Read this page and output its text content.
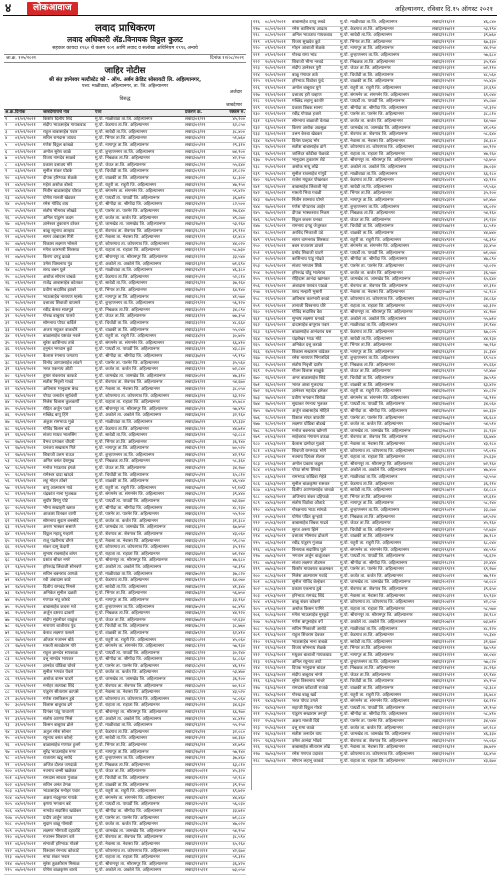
४	लोकआवाज	अहिल्यानगर, रविवार दि.१५ ऑगस्ट २०२१
लवाद प्राधिकरण
लवाद अधिकारी ॲड.विनायक विठ्ठल कुलट
सहकार कायदा १९६० चे कलम १०१ आणि लवाद व सलोखा अधिनियम १९९६ अन्वये
जा.क्र. १२५/२०२१	दिनांक १२/०८/२०२१
जाहिर नोटीस
श्री संत ज्ञानेश्वर मल्टीस्टेट को - ऑप. अर्बन क्रेडिट सोसायटी लि. अहिल्यानगर,
पत्ता: माळीवाडा, अहिल्यानगर, ता. जि. अहिल्यानगर
अर्जदार
विरुद्ध
जाबदेणार
अ.क्र. दिनांक	जाबदेणाराचे नाव	पत्ता	प्रकरण क्र.	रक्कम रु.
१	०१/०१/२०२१	किशोर दिलीप शिंदे	मु.पो. माळीवाडा ता.जि. अहिल्यानगर	लवाद/०१/२१	४५,२००
२	०१/०१/२०२१	संदीप भाऊसाहेब गायकवाड	मु.पो. केडगाव ता.जि. अहिल्यानगर	लवाद/०२/२१	६२,८५०
३	०१/०१/२०२१	राहुल बाबासाहेब पवार	मु.पो. सावेडी ता.जि. अहिल्यानगर	लवाद/०३/२१	३८,४००
४	०१/०१/२०२१	सचिन रामदास जाधव	मु.पो. भिंगार ता.जि. अहिल्यानगर	लवाद/०४/२१	५१,७६०
५	०२/०१/२०२१	गणेश विठ्ठल कांबळे	मु.पो. नागापूर ता.जि. अहिल्यानगर	लवाद/०५/२१	२९,३१०
६	०२/०१/२०२१	अमोल सुरेश काळे	मु.पो. बुऱ्हाणनगर ता.जि. अहिल्यानगर	लवाद/०६/२१	७४,९००
७	०२/०१/२०२१	विजय नामदेव साळवे	मु.पो. निंबळक ता.जि. अहिल्यानगर	लवाद/०७/२१	४२,१५०
८	०३/०१/२०२१	प्रकाश दत्तात्रय मोरे	मु.पो. जेऊर ता.जि. अहिल्यानगर	लवाद/०८/२१	५५,६४०
९	०३/०१/२०२१	सुनील शंकर घोडके	मु.पो. चिचोंडी ता.जि. अहिल्यानगर	लवाद/०९/२१	३१,८२०
१०	०३/०१/२०२१	दीपक हरिभाऊ शेळके	मु.पो. वाळकी ता.जि. अहिल्यानगर	लवाद/१०/२१	६८,३००
११	०४/०१/२०२१	महेश अशोक बोरुडे	मु.पो. राहुरी ता. राहुरी जि. अहिल्यानगर	लवाद/११/२१	४७,९५०
१२	०४/०१/२०२१	नितीन बाळासाहेब थोरात	मु.पो. संगमनेर ता. संगमनेर जि. अहिल्यानगर	लवाद/१२/२१	५९,४२०
१३	०४/०१/२०२१	योगेश मारुती खेडकर	मु.पो. पाथर्डी ता. पाथर्डी जि. अहिल्यानगर	लवाद/१३/२१	३६,७१०
१४	०५/०१/२०२१	रमेश गोविंद वाघ	मु.पो. श्रीगोंदा ता. श्रीगोंदा जि. अहिल्यानगर	लवाद/१४/२१	८२,५००
१५	०५/०१/२०२१	संतोष भीमराव लोखंडे	मु.पो. पारनेर ता. पारनेर जि. अहिल्यानगर	लवाद/१५/२१	२७,६४०
१६	०५/०१/२०२१	अनिल पांडुरंग कदम	मु.पो. कर्जत ता. कर्जत जि. अहिल्यानगर	लवाद/१६/२१	४९,८७०
१७	०६/०१/२०२१	ज्ञानेश्वर तुकाराम दरेकर	मु.पो. जामखेड ता. जामखेड जि. अहिल्यानगर	लवाद/१७/२१	५३,२६०
१८	०६/०१/२०२१	बाळू रघुनाथ आव्हाड	मु.पो. शेवगाव ता. शेवगाव जि. अहिल्यानगर	लवाद/१८/२१	३९,९१०
१९	०६/०१/२०२१	सागर अंबादास गिरी	मु.पो. नेवासा ता. नेवासा जि. अहिल्यानगर	लवाद/१९/२१	६१,४८०
२०	०७/०१/२०२१	विकास लक्ष्मण भोसले	मु.पो. कोपरगाव ता. कोपरगाव जि. अहिल्यानगर	लवाद/२०/२१	४४,०२०
२१	०७/०१/२०२१	मंगेश कारभारी शिरसाठ	मु.पो. राहाता ता. राहाता जि. अहिल्यानगर	लवाद/२१/२१	५८,७३०
२२	०७/०१/२०२१	किरण दगडू ढवळे	मु.पो. श्रीरामपूर ता. श्रीरामपूर जि. अहिल्यानगर	लवाद/२२/२१	३३,५४०
२३	०८/०१/२०२१	उमेश विश्वनाथ गुंड	मु.पो. अकोले ता. अकोले जि. अहिल्यानगर	लवाद/२३/२१	७१,६९०
२४	०८/०१/२०२१	शरद बबन घुले	मु.पो. माळीवाडा ता.जि. अहिल्यानगर	लवाद/२४/२१	४६,३८०
२५	०८/०१/२०२१	अशोक सोपान वाबळे	मु.पो. केडगाव ता.जि. अहिल्यानगर	लवाद/२५/२१	५२,८१०
२६	०९/०१/२०२१	राजेंद्र आबासाहेब कोतकर	मु.पो. सावेडी ता.जि. अहिल्यानगर	लवाद/२६/२१	३७,२६०
२७	०९/०१/२०२१	प्रवीण सदाशिव झावरे	मु.पो. भिंगार ता.जि. अहिल्यानगर	लवाद/२७/२१	६४,९४०
२८	०९/०१/२०२१	भाऊसाहेब नारायण म्हस्के	मु.पो. नागापूर ता.जि. अहिल्यानगर	लवाद/२८/२१	४१,५७०
२९	१०/०१/२०२१	दत्तात्रय शिवाजी वाघमारे	मु.पो. बुऱ्हाणनगर ता.जि. अहिल्यानगर	लवाद/२९/२१	५६,१२०
३०	१०/०१/२०२१	रवींद्र केशव सातपुते	मु.पो. निंबळक ता.जि. अहिल्यानगर	लवाद/३०/२१	३४,८९०
३१	१०/०१/२०२१	गोरख बाबुराव पालवे	मु.पो. जेऊर ता.जि. अहिल्यानगर	लवाद/३१/२१	७७,३५०
३२	११/०१/२०२१	सोमनाथ पोपट कर्डिले	मु.पो. चिचोंडी ता.जि. अहिल्यानगर	लवाद/३२/२१	४८,६६०
३३	११/०१/२०२१	अजय मधुकर वाकचौरे	मु.पो. वाळकी ता.जि. अहिल्यानगर	लवाद/३३/२१	५५,०४०
३४	११/०१/२०२१	बाळासाहेब यशवंत नवले	मु.पो. राहुरी ता. राहुरी जि. अहिल्यानगर	लवाद/३४/२१	३०,७२०
३५	१२/०१/२०२१	सुरेश काशिनाथ तांबे	मु.पो. संगमनेर ता. संगमनेर जि. अहिल्यानगर	लवाद/३५/२१	६६,४१०
३६	१२/०१/२०२१	हनुमंत भगवान कुटे	मु.पो. पाथर्डी ता. पाथर्डी जि. अहिल्यानगर	लवाद/३६/२१	४३,८३०
३७	१२/०१/२०२१	कैलास रंगनाथ जगताप	मु.पो. श्रीगोंदा ता. श्रीगोंदा जि. अहिल्यानगर	लवाद/३७/२१	५९,१९०
३८	१३/०१/२०२१	विनोद आप्पासाहेब लांडगे	मु.पो. पारनेर ता. पारनेर जि. अहिल्यानगर	लवाद/३८/२१	३५,५६०
३९	१३/०१/२०२१	भरत एकनाथ औटी	मु.पो. कर्जत ता. कर्जत जि. अहिल्यानगर	लवाद/३९/२१	७२,८४०
४०	१३/०१/२०२१	तुषार शंकरराव काकडे	मु.पो. जामखेड ता. जामखेड जि. अहिल्यानगर	लवाद/४०/२१	४७,३१०
४१	१४/०१/२०२१	सतीश निवृत्ती गावडे	मु.पो. शेवगाव ता. शेवगाव जि. अहिल्यानगर	लवाद/४१/२१	५४,६७०
४२	१४/०१/२०२१	अविनाश भानुदास बेरड	मु.पो. नेवासा ता. नेवासा जि. अहिल्यानगर	लवाद/४२/२१	३८,०५०
४३	१४/०१/२०२१	पोपट जनार्दन सूर्यवंशी	मु.पो. कोपरगाव ता. कोपरगाव जि. अहिल्यानगर	लवाद/४३/२१	६३,२२०
४४	१५/०१/२०२१	निलेश विलास कुलकर्णी	मु.पो. राहाता ता. राहाता जि. अहिल्यानगर	लवाद/४४/२१	४५,७८०
४५	१५/०१/२०२१	रोहित अर्जुन पठारे	मु.पो. श्रीरामपूर ता. श्रीरामपूर जि. अहिल्यानगर	लवाद/४५/२१	५७,४९०
४६	१५/०१/२०२१	मच्छिंद्र बापू हिंगे	मु.पो. अकोले ता. अकोले जि. अहिल्यानगर	लवाद/४६/२१	३२,९६०
४७	१६/०१/२०२१	अंकुश रामभाऊ मुळे	मु.पो. माळीवाडा ता.जि. अहिल्यानगर	लवाद/४७/२१	६९,३३०
४८	१६/०१/२०२१	गोविंद किसन बर्डे	मु.पो. केडगाव ता.जि. अहिल्यानगर	लवाद/४८/२१	४४,७१०
४९	१६/०१/२०२१	संजय माधव भालसिंग	मु.पो. सावेडी ता.जि. अहिल्यानगर	लवाद/४९/२१	५३,८८०
५०	१७/०१/२०२१	वैभव प्रभाकर चौधरी	मु.पो. भिंगार ता.जि. अहिल्यानगर	लवाद/५०/२१	३६,१४०
५१	१७/०१/२०२१	धनंजय सखाराम गिते	मु.पो. नागापूर ता.जि. अहिल्यानगर	लवाद/५१/२१	७०,५२०
५२	१७/०१/२०२१	शिवाजी उत्तम राऊत	मु.पो. बुऱ्हाणनगर ता.जि. अहिल्यानगर	लवाद/५२/२१	४२,९९०
५३	१८/०१/२०२१	अमित वसंत देशमुख	मु.पो. निंबळक ता.जि. अहिल्यानगर	लवाद/५३/२१	५८,३६०
५४	१८/०१/२०२१	मनोज भाऊराव इंगळे	मु.पो. जेऊर ता.जि. अहिल्यानगर	लवाद/५४/२१	३४,२७०
५५	१८/०१/२०२१	रामेश्वर दादा खांदवे	मु.पो. चिचोंडी ता.जि. अहिल्यानगर	लवाद/५५/२१	६५,८१०
५६	१९/०१/२०२१	लहू मोहन ठोंबरे	मु.पो. वाळकी ता.जि. अहिल्यानगर	लवाद/५६/२१	४६,५४०
५७	१९/०१/२०२१	बापू आत्माराम गाडे	मु.पो. राहुरी ता. राहुरी जि. अहिल्यानगर	लवाद/५७/२१	५२,१०0
५८	१९/०१/२०२१	चंद्रकांत नाना भुजबळ	मु.पो. संगमनेर ता. संगमनेर जि. अहिल्यानगर	लवाद/५८/२१	३९,४४०
५९	२०/०१/२०२१	सुधीर विष्णू पोटे	मु.पो. पाथर्डी ता. पाथर्डी जि. अहिल्यानगर	लवाद/५९/२१	७३,६७०
६०	२०/०१/२०२१	भीमा सखाहरी खरात	मु.पो. श्रीगोंदा ता. श्रीगोंदा जि. अहिल्यानगर	लवाद/६०/२१	४८,२३०
६१	२०/०१/२०२१	आकाश दिनकर वाणी	मु.पो. पारनेर ता. पारनेर जि. अहिल्यानगर	लवाद/६१/२१	५५,९००
६२	२१/०१/२०२१	सोमनाथ सुदाम बनसोडे	मु.पो. कर्जत ता. कर्जत जि. अहिल्यानगर	लवाद/६२/२१	३१,३८०
६३	२१/०१/२०२१	अरुण भास्कर ससाणे	मु.पो. जामखेड ता. जामखेड जि. अहिल्यानगर	लवाद/६३/२१	६७,७५०
६४	२१/०१/२०२१	विठ्ठल महादू गव्हाणे	मु.पो. शेवगाव ता. शेवगाव जि. अहिल्यानगर	लवाद/६४/२१	४३,०६०
६५	२२/०१/२०२१	राजू पंढरीनाथ डोंगरे	मु.पो. नेवासा ता. नेवासा जि. अहिल्यानगर	लवाद/६५/२१	५९,८५०
६६	२२/०१/२०२१	शंकर दामू केदारी	मु.पो. कोपरगाव ता. कोपरगाव जि. अहिल्यानगर	लवाद/६६/२१	३५,११०
६७	२२/०१/२०२१	सुभाष रावसाहेब बांगर	मु.पो. राहाता ता. राहाता जि. अहिल्यानगर	लवाद/६७/२१	७१,२४०
६८	२३/०१/२०२१	प्रशांत श्रीधर नगरे	मु.पो. श्रीरामपूर ता. श्रीरामपूर जि. अहिल्यानगर	लवाद/६८/२१	४७,६८०
६९	२३/०१/२०२१	हरिश्चंद्र लिंबाजी सोनवणे	मु.पो. अकोले ता. अकोले जि. अहिल्यानगर	लवाद/६९/२१	५४,३९०
७०	२३/०१/२०२१	सचिन बबनराव आगळे	मु.पो. माळीवाडा ता.जि. अहिल्यानगर	लवाद/७०/२१	३७,८२०
७१	२४/०१/२०२१	रवी अंबादास काटे	मु.पो. केडगाव ता.जि. अहिल्यानगर	लवाद/७१/२१	६४,०७०
७२	२४/०१/२०२१	दिलीप रामचंद्र निमसे	मु.पो. सावेडी ता.जि. अहिल्यानगर	लवाद/७२/२१	४१,३४०
७३	२४/०१/२०२१	अनिकेत सुनील दळवी	मु.पो. भिंगार ता.जि. अहिल्यानगर	लवाद/७३/२१	५६,७५०
७४	२५/०१/२०२१	गणपत नथू कोरडे	मु.पो. नागापूर ता.जि. अहिल्यानगर	लवाद/७४/२१	३३,१६०
७५	२५/०१/२०२१	बाबासाहेब कचरू मते	मु.पो. बुऱ्हाणनगर ता.जि. अहिल्यानगर	लवाद/७५/२१	७८,४९०
७६	२५/०१/२०२१	अर्जुन दशरथ ढाकणे	मु.पो. निंबळक ता.जि. अहिल्यानगर	लवाद/७६/२१	४४,९२०
७७	२६/०१/२०२१	संदीप मुरलीधर वाळुंज	मु.पो. जेऊर ता.जि. अहिल्यानगर	लवाद/७७/२१	५२,६३०
७८	२६/०१/२०२१	नारायण बाजीराव पुंड	मु.पो. चिचोंडी ता.जि. अहिल्यानगर	लवाद/७८/२१	३८,७७०
७९	२६/०१/२०२१	केशव लक्ष्मण फसले	मु.पो. वाळकी ता.जि. अहिल्यानगर	लवाद/७९/२१	६२,४१०
८०	२७/०१/२०२१	ओंकार गजानन बोठे	मु.पो. राहुरी ता. राहुरी जि. अहिल्यानगर	लवाद/८०/२१	४५,०६०
८१	२७/०१/२०२१	मारुती सावळेराम गोरे	मु.पो. संगमनेर ता. संगमनेर जि. अहिल्यानगर	लवाद/८१/२१	५७,९३०
८२	२७/०१/२०२१	राहुल ज्ञानदेव सपकाळ	मु.पो. पाथर्डी ता. पाथर्डी जि. अहिल्यानगर	लवाद/८२/२१	३०,२४०
८३	२८/०१/२०२१	दत्तू नामदेव भापकर	मु.पो. श्रीगोंदा ता. श्रीगोंदा जि. अहिल्यानगर	लवाद/८३/२१	६८,८६०
८४	२८/०१/२०२१	ज्ञानदेव धोंडिबा थोरवे	मु.पो. पारनेर ता. पारनेर जि. अहिल्यानगर	लवाद/८४/२१	४६,११०
८५	२८/०१/२०२१	सुनील भगवंत येवले	मु.पो. कर्जत ता. कर्जत जि. अहिल्यानगर	लवाद/८५/२१	५३,४७०
८६	२९/०१/२०२१	अशोक वामन घाडगे	मु.पो. जामखेड ता. जामखेड जि. अहिल्यानगर	लवाद/८६/२१	३६,९००
८७	२९/०१/२०२१	मनोहर तात्याबा शिंदे	मु.पो. शेवगाव ता. शेवगाव जि. अहिल्यानगर	लवाद/८७/२१	७०,१८०
८८	२९/०१/२०२१	पांडुरंग सीताराम कापसे	मु.पो. नेवासा ता. नेवासा जि. अहिल्यानगर	लवाद/८८/२१	४३,५२०
८९	३०/०१/२०२१	गणेश रामकिसन डुबे	मु.पो. कोपरगाव ता. कोपरगाव जि. अहिल्यानगर	लवाद/८९/२१	५८,०६०
९०	३०/०१/२०२१	विलास बाबुराव ढगे	मु.पो. राहाता ता. राहाता जि. अहिल्यानगर	लवाद/९०/२१	३४,६३०
९१	३०/०१/२०२१	दिगंबर पांडू पाचारणे	मु.पो. श्रीरामपूर ता. श्रीरामपूर जि. अहिल्यानगर	लवाद/९१/२१	६६,९७०
९२	३१/०१/२०२१	संतोष आण्णा भिसे	मु.पो. अकोले ता. अकोले जि. अहिल्यानगर	लवाद/९२/२१	४८,४१०
९३	३१/०१/२०२१	किसन बाबूराव ढोले	मु.पो. माळीवाडा ता.जि. अहिल्यानगर	लवाद/९३/२१	५५,२५०
९४	३१/०१/२०२१	अतुल रमेश सोनार	मु.पो. केडगाव ता.जि. अहिल्यानगर	लवाद/९४/२१	३२,०८०
९५	०१/०२/२०२१	रघुनाथ वसंत कोल्हे	मु.पो. सावेडी ता.जि. अहिल्यानगर	लवाद/९५/२१	७४,३६०
९६	०१/०२/२०२१	बाळासाहेब गणपत हुलगे	मु.पो. भिंगार ता.जि. अहिल्यानगर	लवाद/९६/२१	४१,७९०
९७	०१/०२/२०२१	सुरेंद्र भाऊसाहेब मगर	मु.पो. नागापूर ता.जि. अहिल्यानगर	लवाद/९७/२१	५७,१४०
९८	०२/०२/२०२१	राजाराम खंडू सरोदे	मु.पो. बुऱ्हाणनगर ता.जि. अहिल्यानगर	लवाद/९८/२१	३७,४६०
९९	०२/०२/२०२१	अजित दौलत जगदाळे	मु.पो. निंबळक ता.जि. अहिल्यानगर	लवाद/९९/२१	६३,८१०
१०० ०२/०२/२०२१	नवनाथ बन्सी खळेकर	मु.पो. जेऊर ता.जि. अहिल्यानगर	लवाद/१००/२१	४५,३२०
१०१ ०३/०२/२०२१	रामदास सावता गुंजाळ	मु.पो. चिचोंडी ता.जि. अहिल्यानगर	लवाद/१०१/२१	५२,९८०
१०२ ०३/०२/२०२१	सचिन अनंत टेमक	मु.पो. वाळकी ता.जि. अहिल्यानगर	लवाद/१०२/२१	३९,१५०
१०३ ०३/०२/२०२१	भाऊसाहेब मनोहर पवार	मु.पो. राहुरी ता. राहुरी जि. अहिल्यानगर	लवाद/१०३/२१	६९,७२०
१०४ ०४/०२/२०२१	अक्षय नंदकुमार गायके	मु.पो. संगमनेर ता. संगमनेर जि. अहिल्यानगर	लवाद/१०४/२१	४४,४६०
१०५ ०४/०२/२०२१	कृष्णा भगवान बडे	मु.पो. पाथर्डी ता. पाथर्डी जि. अहिल्यानगर	लवाद/१०५/२१	५६,०३०
१०६ ०४/०२/२०२१	नामदेव सदाशिव खांडेकर	मु.पो. श्रीगोंदा ता. श्रीगोंदा जि. अहिल्यानगर	लवाद/१०६/२१	३३,७१०
१०७ ०५/०२/२०२१	प्रदीप अर्जुन जाधव	मु.पो. पारनेर ता. पारनेर जि. अहिल्यानगर	लवाद/१०७/२१	७१,८८०
१०८ ०५/०२/२०२१	सुदाम बाळू गोसावी	मु.पो. कर्जत ता. कर्जत जि. अहिल्यानगर	लवाद/१०८/२१	४७,०२०
१०९ ०५/०२/२०२१	लक्ष्मण भीमाजी दहातोंडे	मु.पो. जामखेड ता. जामखेड जि. अहिल्यानगर	लवाद/१०९/२१	५४,९५०
११० ०६/०२/२०२१	गजानन शिवराम वारे	मु.पो. शेवगाव ता. शेवगाव जि. अहिल्यानगर	लवाद/११०/२१	३८,५९०
१११ ०६/०२/२०२१	संभाजी हरिभाऊ गोडसे	मु.पो. नेवासा ता. नेवासा जि. अहिल्यानगर	लवाद/१११/२१	६५,२६०
११२ ०६/०२/२०२१	विश्वास रंगनाथ कोकाटे	मु.पो. कोपरगाव ता. कोपरगाव जि. अहिल्यानगर	लवाद/११२/२१	४२,६७०
११३ ०७/०२/२०२१	नाथा शंकर भवार	मु.पो. राहाता ता. राहाता जि. अहिल्यानगर	लवाद/११३/२१	५९,३१०
११४ ०७/०२/२०२१	सुरेश तुळशीराम मिसाळ	मु.पो. श्रीरामपूर ता. श्रीरामपूर जि. अहिल्यानगर	लवाद/११४/२१	३६,४२०
११५ ०७/०२/२०२१	योगेश बाळकृष्ण बारवे	मु.पो. अकोले ता. अकोले जि. अहिल्यानगर	लवाद/११५/२१	७३,०५०
११६	०८/०२/२०२१	बाबासाहेब दगडू लबडे	मु.पो. माळीवाडा ता.जि. अहिल्यानगर	लवाद/११६/२१	४६,८४०
११७	०८/०२/२०२१	रमेश काशिनाथ आढाव	मु.पो. केडगाव ता.जि. अहिल्यानगर	लवाद/११७/२१	५३,१९०
११८	०८/०२/२०२१	अनिल भाऊराव गायकवाड	मु.पो. सावेडी ता.जि. अहिल्यानगर	लवाद/११८/२१	३९,७६०
११९	०९/०२/२०२१	विजय सुखदेव कुटे	मु.पो. भिंगार ता.जि. अहिल्यानगर	लवाद/११९/२१	६७,३३०
१२०	०९/०२/२०२१	मोहन आबाजी शेळके	मु.पो. नागापूर ता.जि. अहिल्यानगर	लवाद/१२०/२१	४४,२५०
१२१	०९/०२/२०२१	गोरख रामा भांड	मु.पो. बुऱ्हाणनगर ता.जि. अहिल्यानगर	लवाद/१२१/२१	५७,६८०
१२२	१०/०२/२०२१	शिवाजी भीमा नरवडे	मु.पो. निंबळक ता.जि. अहिल्यानगर	लवाद/१२२/२१	३५,९४०
१२३	१०/०२/२०२१	संदीप ज्ञानेश्वर पुरी	मु.पो. जेऊर ता.जि. अहिल्यानगर	लवाद/१२३/२१	७२,११०
१२४	१०/०२/२०२१	बाळू गंगाधर ताठे	मु.पो. चिचोंडी ता.जि. अहिल्यानगर	लवाद/१२४/२१	४८,५६०
१२५	११/०२/२०२१	हरिभाऊ विठोबा फुंदे	मु.पो. वाळकी ता.जि. अहिल्यानगर	लवाद/१२५/२१	५५,४३०
१२६	११/०२/२०२१	अमोल बाबूराव घुगे	मु.पो. राहुरी ता. राहुरी जि. अहिल्यानगर	लवाद/१२६/२१	३२,६९०
१२७	११/०२/२०२१	दत्तात्रय हरी चव्हाण	मु.पो. संगमनेर ता. संगमनेर जि. अहिल्यानगर	लवाद/१२७/२१	६९,०४०
१२८	१२/०२/२०२१	मच्छिंद्र लहानू कातोरे	मु.पो. पाथर्डी ता. पाथर्डी जि. अहिल्यानगर	लवाद/१२८/२१	४५,८७०
१२९	१२/०२/२०२१	प्रकाश त्रिंबक सानप	मु.पो. श्रीगोंदा ता. श्रीगोंदा जि. अहिल्यानगर	लवाद/१२९/२१	५२,३२०
१३०	१२/०२/२०२१	रवींद्र गोपाळ हजारे	मु.पो. पारनेर ता. पारनेर जि. अहिल्यानगर	लवाद/१३०/२१	३८,८१०
१३१	१३/०२/२०२१	सोमनाथ बाळाजी वेताळ	मु.पो. कर्जत ता. कर्जत जि. अहिल्यानगर	लवाद/१३१/२१	६४,५७०
१३२	१३/०२/२०२१	किरण अशोक अडसूळ	मु.पो. जामखेड ता. जामखेड जि. अहिल्यानगर	लवाद/१३२/२१	४१,०९०
१३३	१३/०२/२०२१	उत्तम केरबा खेडकर	मु.पो. शेवगाव ता. शेवगाव जि. अहिल्यानगर	लवाद/१३३/२१	५८,६४०
१३४	१४/०२/२०२१	दिनेश प्रल्हाद भोर	मु.पो. नेवासा ता. नेवासा जि. अहिल्यानगर	लवाद/१३४/२१	३४,३८०
१३५	१४/०२/२०२१	सतीश बाबासाहेब डांगे	मु.पो. कोपरगाव ता. कोपरगाव जि. अहिल्यानगर	लवाद/१३५/२१	७०,९२०
१३६	१४/०२/२०२१	जालिंदर कोंडीबा येळवंडे	मु.पो. राहाता ता. राहाता जि. अहिल्यानगर	लवाद/१३६/२१	४७,२६०
१३७	१५/०२/२०२१	भानुदास तुकाराम शेटे	मु.पो. श्रीरामपूर ता. श्रीरामपूर जि. अहिल्यानगर	लवाद/१३७/२१	५३,७५०
१३८	१५/०२/२०२१	अशोक नाथू लोंढे	मु.पो. अकोले ता. अकोले जि. अहिल्यानगर	लवाद/१३८/२१	३७,०३०
१३९	१५/०२/२०२१	सुनील रावसाहेब गांगुर्डे	मु.पो. माळीवाडा ता.जि. अहिल्यानगर	लवाद/१३९/२१	६६,२८०
१४०	१६/०२/२०२१	राजेश मधुकर पोखरकर	मु.पो. केडगाव ता.जि. अहिल्यानगर	लवाद/१४०/२१	४३,९१०
१४१	१६/०२/२०२१	बाबासाहेब लिंबाजी नेहे	मु.पो. सावेडी ता.जि. अहिल्यानगर	लवाद/१४१/२१	५९,५६०
१४२	१६/०२/२०२१	मारुती भिवा गवळी	मु.पो. भिंगार ता.जि. अहिल्यानगर	लवाद/१४२/२१	३५,२००
१४३	१७/०२/२०२१	नितीन शामराव घोगरे	मु.पो. नागापूर ता.जि. अहिल्यानगर	लवाद/१४३/२१	७२,४७०
१४४	१७/०२/२०२१	गणेश पोपटराव आहेर	मु.पो. बुऱ्हाणनगर ता.जि. अहिल्यानगर	लवाद/१४४/२१	४६,०२०
१४५	१७/०२/२०२१	दीपक भास्करराव निकम	मु.पो. निंबळक ता.जि. अहिल्यानगर	लवाद/१४५/२१	५४,१६०
१४६	१८/०२/२०२१	विठ्ठल कचरू घनवट	मु.पो. जेऊर ता.जि. अहिल्यानगर	लवाद/१४६/२१	३९,२३०
१४७	१८/०२/२०२१	रामनाथ दगडू जेजुरकर	मु.पो. चिचोंडी ता.जि. अहिल्यानगर	लवाद/१४७/२१	६८,५१०
१४८	१८/०२/२०२१	अरविंद भिकाजी उंडे	मु.पो. वाळकी ता.जि. अहिल्यानगर	लवाद/१४८/२१	४४,७४०
१४९	१९/०२/२०२१	सागर वामनराव शिरसाट	मु.पो. राहुरी ता. राहुरी जि. अहिल्यानगर	लवाद/१४९/२१	५६,३९०
१५०	१९/०२/२०२१	बबन राजाराम ठाकरे	मु.पो. संगमनेर ता. संगमनेर जि. अहिल्यानगर	लवाद/१५०/२१	३३,४५०
१५१	१९/०२/२०२१	प्रमोद शिवाजी घाटगे	मु.पो. पाथर्डी ता. पाथर्डी जि. अहिल्यानगर	लवाद/१५१/२१	७१,०७०
१५२	२०/०२/२०२१	काशिनाथ पांडू मोढवे	मु.पो. श्रीगोंदा ता. श्रीगोंदा जि. अहिल्यानगर	लवाद/१५२/२१	४७,८९०
१५३	२०/०२/२०२१	संजय भगवान शिर्के	मु.पो. पारनेर ता. पारनेर जि. अहिल्यानगर	लवाद/१५३/२१	५३,०२०
१५४	२०/०२/२०२१	हरिश्चंद्र धोंडू भालेराव	मु.पो. कर्जत ता. कर्जत जि. अहिल्यानगर	लवाद/१५४/२१	३६,५७०
१५५	२१/०२/२०२१	रोहिदास आनंदा खामकर	मु.पो. जामखेड ता. जामखेड जि. अहिल्यानगर	लवाद/१५५/२१	६५,६४०
१५६	२१/०२/२०२१	अंबादास यशवंत पाडळे	मु.पो. शेवगाव ता. शेवगाव जि. अहिल्यानगर	लवाद/१५६/२१	४२,३१०
१५७	२१/०२/२०२१	शरद मल्हारी भुसारी	मु.पो. नेवासा ता. नेवासा जि. अहिल्यानगर	लवाद/१५७/२१	५८,९८०
१५८	२२/०२/२०२१	अविनाश कारभारी कवडे	मु.पो. कोपरगाव ता. कोपरगाव जि. अहिल्यानगर	लवाद/१५८/२१	३४,८६०
१५९	२२/०२/२०२१	तानाजी विश्वनाथ चौरे	मु.पो. राहाता ता. राहाता जि. अहिल्यानगर	लवाद/१५९/२१	७३,३२०
१६०	२२/०२/२०२१	गोविंद सदाशिव वैद्य	मु.पो. श्रीरामपूर ता. श्रीरामपूर जि. अहिल्यानगर	लवाद/१६०/२१	४८,९७०
१६१	२३/०२/२०२१	सुभाष लक्ष्मण धनवडे	मु.पो. अकोले ता. अकोले जि. अहिल्यानगर	लवाद/१६१/२१	५५,७१०
१६२	२३/०२/२०२१	दादासाहेब बापूराव पवार	मु.पो. माळीवाडा ता.जि. अहिल्यानगर	लवाद/१६२/२१	३१,९४०
१६३	२३/०२/२०२१	बाळासाहेब आनंदराव धस	मु.पो. केडगाव ता.जि. अहिल्यानगर	लवाद/१६३/२१	६७,८०५
१६४	२४/०२/२०२१	चंद्रशेखर भाऊ मोटे	मु.पो. सावेडी ता.जि. अहिल्यानगर	लवाद/१६४/२१	४४,१३०
१६५	२४/०२/२०२१	अनिकेत दत्तू कराळे	मु.पो. भिंगार ता.जि. अहिल्यानगर	लवाद/१६५/२१	५७,२६०
१६६	२४/०२/२०२१	विकास सखाराम वांढेकर	मु.पो. नागापूर ता.जि. अहिल्यानगर	लवाद/१६६/२१	३८,३४०
१६७	२५/०२/२०२१	रमेश नारायण भिंगारदिवे	मु.पो. बुऱ्हाणनगर ता.जि. अहिल्यानगर	लवाद/१६७/२१	६९,५८०
१६८	२५/०२/२०२१	संतोष निवृत्ती दातीर	मु.पो. निंबळक ता.जि. अहिल्यानगर	लवाद/१६८/२१	४५,६६०
१६९	२५/०२/२०२१	गौतम विलास साळुंके	मु.पो. जेऊर ता.जि. अहिल्यानगर	लवाद/१६९/२१	५२,४७०
१७०	२६/०२/२०२१	अमर बाळासाहेब शिंदे	मु.पो. चिचोंडी ता.जि. अहिल्यानगर	लवाद/१७०/२१	३७,५९०
१७१	२६/०२/२०२१	भारत आबा गुलदगड	मु.पो. वाळकी ता.जि. अहिल्यानगर	लवाद/१७१/२१	६३,४२०
१७२	२६/०२/२०२१	ज्ञानेश्वर महादेव झरेकर	मु.पो. राहुरी ता. राहुरी जि. अहिल्यानगर	लवाद/१७२/२१	४०,८२०
१७३	२७/०२/२०२१	प्रवीण भगवान शिरोळे	मु.पो. संगमनेर ता. संगमनेर जि. अहिल्यानगर	लवाद/१७३/२१	५६,९१०
१७४	२७/०२/२०२१	सुधाकर रंगनाथ भुतकर	मु.पो. पाथर्डी ता. पाथर्डी जि. अहिल्यानगर	लवाद/१७४/२१	३४,०६०
१७५	२७/०२/२०२१	अर्जुन बाबासाहेब मोहिते	मु.पो. श्रीगोंदा ता. श्रीगोंदा जि. अहिल्यानगर	लवाद/१७५/२१	७०,३३०
१७६	२८/०२/२०२१	विशाल संपत वाघचौरे	मु.पो. पारनेर ता. पारनेर जि. अहिल्यानगर	लवाद/१७६/२१	४६,६८०
१७७	२८/०२/२०२१	लक्ष्मण धोंडिबा बोडखे	मु.पो. कर्जत ता. कर्जत जि. अहिल्यानगर	लवाद/१७७/२१	५४,५१०
१७८	२८/०२/२०२१	मनोज बबनराव खोमणे	मु.पो. जामखेड ता. जामखेड जि. अहिल्यानगर	लवाद/१७८/२१	३८,९३०
१७९	०१/०३/२०२१	साहेबराव गंगाराम डफळ	मु.पो. शेवगाव ता. शेवगाव जि. अहिल्यानगर	लवाद/१७९/२१	६६,७४०
१८०	०१/०३/२०२१	कैलास दामोदर गुळवे	मु.पो. नेवासा ता. नेवासा जि. अहिल्यानगर	लवाद/१८०/२१	४३,२८०
१८१	०१/०३/२०२१	शिवाजी रामभाऊ भोगे	मु.पो. कोपरगाव ता. कोपरगाव जि. अहिल्यानगर	लवाद/१८१/२१	५९,०१०
१८२	०२/०३/२०२१	नवनाथ दिगंबर शेलार	मु.पो. राहाता ता. राहाता जि. अहिल्यानगर	लवाद/१८२/२१	३५,६३०
१८३	०२/०३/२०२१	अमोल प्रकाश कडूस	मु.पो. श्रीरामपूर ता. श्रीरामपूर जि. अहिल्यानगर	लवाद/१८३/२१	७२,९६०
१८४	०२/०३/२०२१	पोपट सोमा शिंगाडे	मु.पो. अकोले ता. अकोले जि. अहिल्यानगर	लवाद/१८४/२१	४७,४००
१८५	०३/०३/२०२१	रामभाऊ कोंडिबा मेहेत्रे	मु.पो. माळीवाडा ता.जि. अहिल्यानगर	लवाद/१८५/२१	५३,५५०
१८६	०३/०३/२०२१	सुनील बाळकृष्ण रासकर	मु.पो. केडगाव ता.जि. अहिल्यानगर	लवाद/१८६/२१	३६,२१०
१८७	०३/०३/२०२१	दिलीप आण्णासाहेब जावळे	मु.पो. सावेडी ता.जि. अहिल्यानगर	लवाद/१८७/२१	६४,८८०
१८८	०४/०३/२०२१	अजिनाथ शंकर दहिफळे	मु.पो. भिंगार ता.जि. अहिल्यानगर	लवाद/१८८/२१	४१,६१०
१८९	०४/०३/२०२१	संतोष विठोबा औताडे	मु.पो. नागापूर ता.जि. अहिल्यानगर	लवाद/१८९/२१	५८,२४०
१९०	०४/०३/२०२१	गोरक्षनाथ भाऊ सांगळे	मु.पो. बुऱ्हाणनगर ता.जि. अहिल्यानगर	लवाद/१९०/२१	३३,८७०
१९१	०५/०३/२०२१	योगेश पंडित कुऱ्हाडे	मु.पो. निंबळक ता.जि. अहिल्यानगर	लवाद/१९१/२१	७१,५२०
१९२	०५/०३/२०२१	बाबासाहेब त्रिंबक गाढवे	मु.पो. जेऊर ता.जि. अहिल्यानगर	लवाद/१९२/२१	४५,९६०
१९३	०५/०३/२०२१	सुरज अरुण झिने	मु.पो. चिचोंडी ता.जि. अहिल्यानगर	लवाद/१९३/२१	५२,७३०
१९४	०६/०३/२०२१	दत्तात्रय भीमराव ढोकणे	मु.पो. वाळकी ता.जि. अहिल्यानगर	लवाद/१९४/२१	३७,१८०
१९५	०६/०३/२०२१	रवींद्र पांडुरंग गुंजाळ	मु.पो. राहुरी ता. राहुरी जि. अहिल्यानगर	लवाद/१९५/२१	६८,०४०
१९६	०६/०३/२०२१	विनायक सदाशिव घुले	मु.पो. संगमनेर ता. संगमनेर जि. अहिल्यानगर	लवाद/१९६/२१	४४,५९०
१९७	०७/०३/२०२१	भगवान अर्जुन वाळुंजकर	मु.पो. पाथर्डी ता. पाथर्डी जि. अहिल्यानगर	लवाद/१९७/२१	५६,६२०
१९८	०७/०३/२०२१	संजय लक्ष्मण तोडमल	मु.पो. श्रीगोंदा ता. श्रीगोंदा जि. अहिल्यानगर	लवाद/१९८/२१	३२,४४०
१९९	०७/०३/२०२१	किशोर माधवराव कळमकर	मु.पो. पारनेर ता. पारनेर जि. अहिल्यानगर	लवाद/१९९/२१	६९,२७०
२००	०८/०३/२०२१	निलेश आत्माराम गवांदे	मु.पो. कर्जत ता. कर्जत जि. अहिल्यानगर	लवाद/२००/२१	४७,९१०
२०१	०८/०३/२०२१	सुनील गोविंद बेल्हेकर	मु.पो. जामखेड ता. जामखेड जि. अहिल्यानगर	लवाद/२०१/२१	५४,०८०
२०२	०८/०३/२०२१	प्रकाश एकनाथ ठुबे	मु.पो. शेवगाव ता. शेवगाव जि. अहिल्यानगर	लवाद/२०२/२१	३९,६५०
२०३	०९/०३/२०२१	हरिभाऊ रामचंद्र शिंदे	मु.पो. नेवासा ता. नेवासा जि. अहिल्यानगर	लवाद/२०३/२१	६५,९३०
२०४	०९/०३/२०२१	बाळू शंकर कोकणे	मु.पो. कोपरगाव ता. कोपरगाव जि. अहिल्यानगर	लवाद/२०४/२१	४२,८५०
२०५	०९/०३/२०२१	अशोक किसन पागिरे	मु.पो. राहाता ता. राहाता जि. अहिल्यानगर	लवाद/२०५/२१	५८,५७०
२०६	१०/०३/२०२१	मंगेश भाऊसाहेब मुरकुटे	मु.पो. श्रीरामपूर ता. श्रीरामपूर जि. अहिल्यानगर	लवाद/२०६/२१	३४,९८०
२०७	१०/०३/२०२१	गणेश बापूसाहेब वर्पे	मु.पो. अकोले ता. अकोले जि. अहिल्यानगर	लवाद/२०७/२१	७३,७१०
२०८	१०/०३/२०२१	सचिन भिकाजी आरोटे	मु.पो. माळीवाडा ता.जि. अहिल्यानगर	लवाद/२०८/२१	४८,१२०
२०९	११/०३/२०२१	राहुल शिवराम देवकर	मु.पो. केडगाव ता.जि. अहिल्यानगर	लवाद/२०९/२१	५५,३४०
२१०	११/०३/२०२१	भाऊसाहेब नाना वाबळे	मु.पो. सावेडी ता.जि. अहिल्यानगर	लवाद/२१०/२१	३१,६७०
२११	११/०३/२०२१	विजय सोमनाथ शेळके	मु.पो. भिंगार ता.जि. अहिल्यानगर	लवाद/२११/२१	६७,५९०
२१२	१२/०३/२०२१	मधुकर बाबाजी गायकवाड	मु.पो. नागापूर ता.जि. अहिल्यानगर	लवाद/२१२/२१	४४,०४०
२१३	१२/०३/२०२१	अनिल रघुनाथ तरटे	मु.पो. बुऱ्हाणनगर ता.जि. अहिल्यानगर	लवाद/२१३/२१	५७,८२०
२१४	१२/०३/२०२१	दिपक भानुदास बांदल	मु.पो. निंबळक ता.जि. अहिल्यानगर	लवाद/२१४/२१	३८,२६०
२१५	१३/०३/२०२१	संदीप बाबूराव नांगरे	मु.पो. जेऊर ता.जि. अहिल्यानगर	लवाद/२१५/२१	६९,९४०
२१६	१३/०३/२०२१	सुरेश विश्वनाथ भांबरे	मु.पो. चिचोंडी ता.जि. अहिल्यानगर	लवाद/२१६/२१	४५,१५०
२१७	१३/०३/२०२१	रामदास कोंडाजी राजळे	मु.पो. वाळकी ता.जि. अहिल्यानगर	लवाद/२१७/२१	५३,३८०
२१८	१४/०३/२०२१	गोरख बाळू खर्डे	मु.पो. राहुरी ता. राहुरी जि. अहिल्यानगर	लवाद/२१८/२१	३६,७८०
२१९	१४/०३/२०२१	भरत पोपट उगले	मु.पो. संगमनेर ता. संगमनेर जि. अहिल्यानगर	लवाद/२१९/२१	६४,२१०
२२०	१४/०३/२०२१	शहाजी विठ्ठल गोरडे	मु.पो. पाथर्डी ता. पाथर्डी जि. अहिल्यानगर	लवाद/२२०/२१	४१,९५०
२२१	१५/०३/२०२१	पांडुरंग सखाराम तनपुरे	मु.पो. श्रीगोंदा ता. श्रीगोंदा जि. अहिल्यानगर	लवाद/२२१/२१	५८,४१०
२२२	१५/०३/२०२१	अक्षय मारुती दिघे	मु.पो. पारनेर ता. पारनेर जि. अहिल्यानगर	लवाद/२२२/२१	३४,५४०
२२३	१५/०३/२०२१	दत्तू रामा काळे	मु.पो. कर्जत ता. कर्जत जि. अहिल्यानगर	लवाद/२२३/२१	७२,२८०
२२४	१६/०३/२०२१	सतीश जनार्दन वाघ	मु.पो. जामखेड ता. जामखेड जि. अहिल्यानगर	लवाद/२२४/२१	४६,३३०
२२५	१६/०३/२०२१	उमेश आनंदा भोंडवे	मु.पो. शेवगाव ता. शेवगाव जि. अहिल्यानगर	लवाद/२२५/२१	५५,०६०
२२६	१६/०३/२०२१	बाबासाहेब सीताराम लोंढे	मु.पो. नेवासा ता. नेवासा जि. अहिल्यानगर	लवाद/२२६/२१	३७,७२०
२२७	१७/०३/२०२१	रमेश गणपत उदावंत	मु.पो. कोपरगाव ता. कोपरगाव जि. अहिल्यानगर	लवाद/२२७/२१	६६,४५०
२२८	१७/०३/२०२१	सोपान लहानू काकडे	मु.पो. राहाता ता. राहाता जि. अहिल्यानगर	लवाद/२२८/२१	४३,६७०
